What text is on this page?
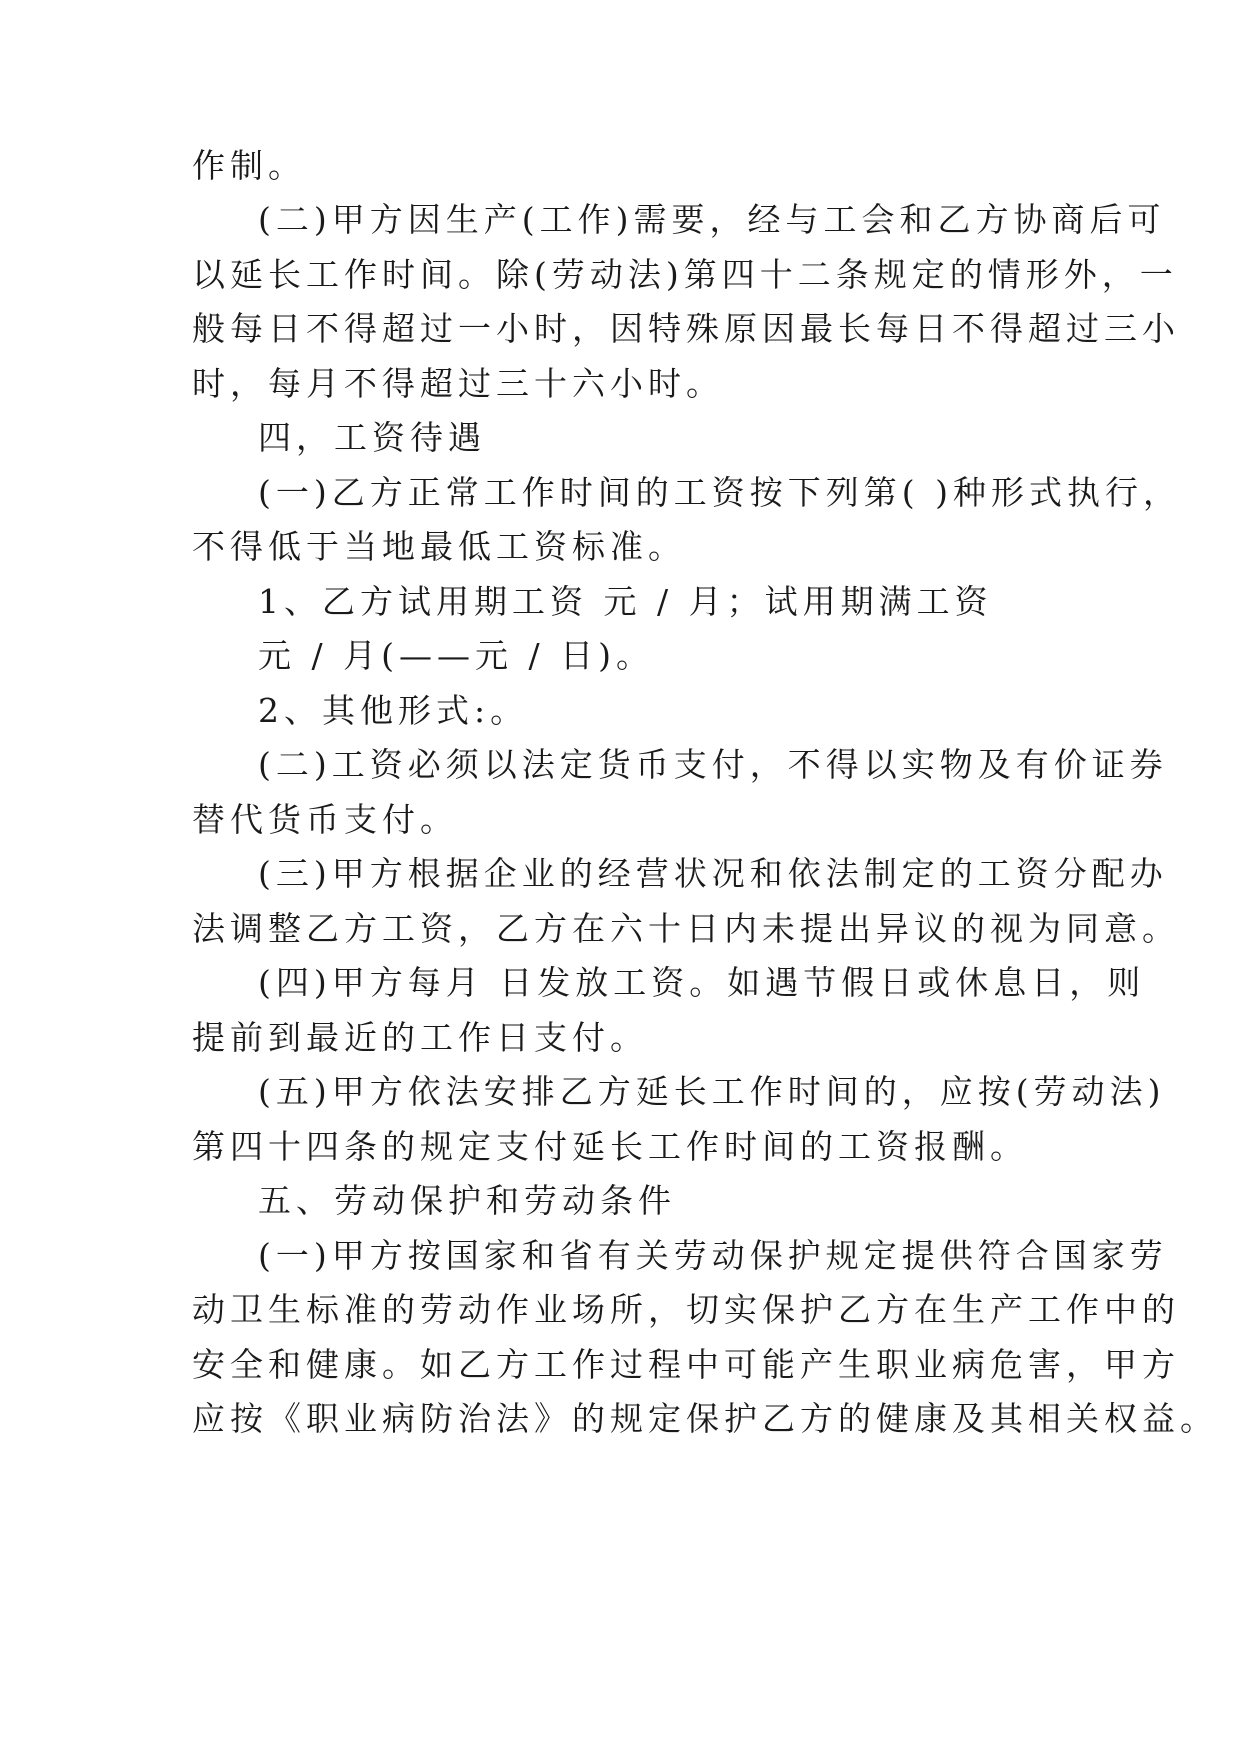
作制。

(二)甲方因生产(工作)需要，经与工会和乙方协商后可

以延长工作时间。除(劳动法)第四十二条规定的情形外，一

般每日不得超过一小时，因特殊原因最长每日不得超过三小

时，每月不得超过三十六小时。

四，工资待遇

(一)乙方正常工作时间的工资按下列第( )种形式执行，

不得低于当地最低工资标准。

1、乙方试用期工资 元 / 月；试用期满工资

元 / 月(——元 / 日)。

2、其他形式:。

(二)工资必须以法定货币支付，不得以实物及有价证券

替代货币支付。

(三)甲方根据企业的经营状况和依法制定的工资分配办

法调整乙方工资，乙方在六十日内未提出异议的视为同意。

(四)甲方每月 日发放工资。如遇节假日或休息日，则

提前到最近的工作日支付。

(五)甲方依法安排乙方延长工作时间的，应按(劳动法)

第四十四条的规定支付延长工作时间的工资报酬。

五、劳动保护和劳动条件

(一)甲方按国家和省有关劳动保护规定提供符合国家劳

动卫生标准的劳动作业场所，切实保护乙方在生产工作中的

安全和健康。如乙方工作过程中可能产生职业病危害，甲方

应按《职业病防治法》的规定保护乙方的健康及其相关权益。
